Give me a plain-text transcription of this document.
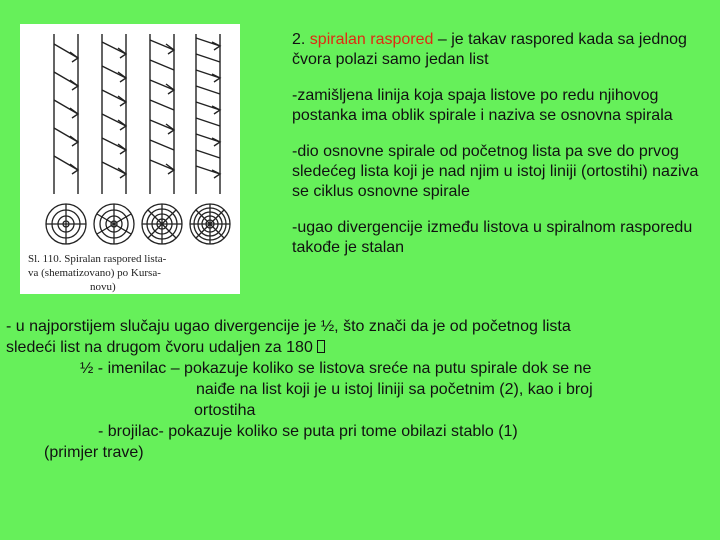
Sl. 110. Spiralan raspored lista-
va (shematizovano) po Kursa-
novu)

2. spiralan raspored – je takav raspored kada sa jednog čvora polazi samo jedan list

-zamišljena linija koja spaja listove po redu njihovog postanka ima oblik spirale i naziva se osnovna spirala

-dio osnovne spirale od početnog lista pa sve do prvog sledećeg lista koji je nad njim u istoj liniji (ortostihi) naziva se ciklus osnovne spirale

-ugao divergencije između listova u spiralnom rasporedu takođe je stalan

- u najporstijem slučaju ugao divergencije je ½, što znači da je od početnog lista
sledeći list na drugom čvoru udaljen za 180
½ - imenilac – pokazuje koliko se listova sreće na putu spirale dok se ne
naiđe na list koji je u istoj liniji sa početnim (2), kao i broj
ortostiha
- brojilac- pokazuje koliko se puta pri tome obilazi stablo (1)
(primjer trave)
